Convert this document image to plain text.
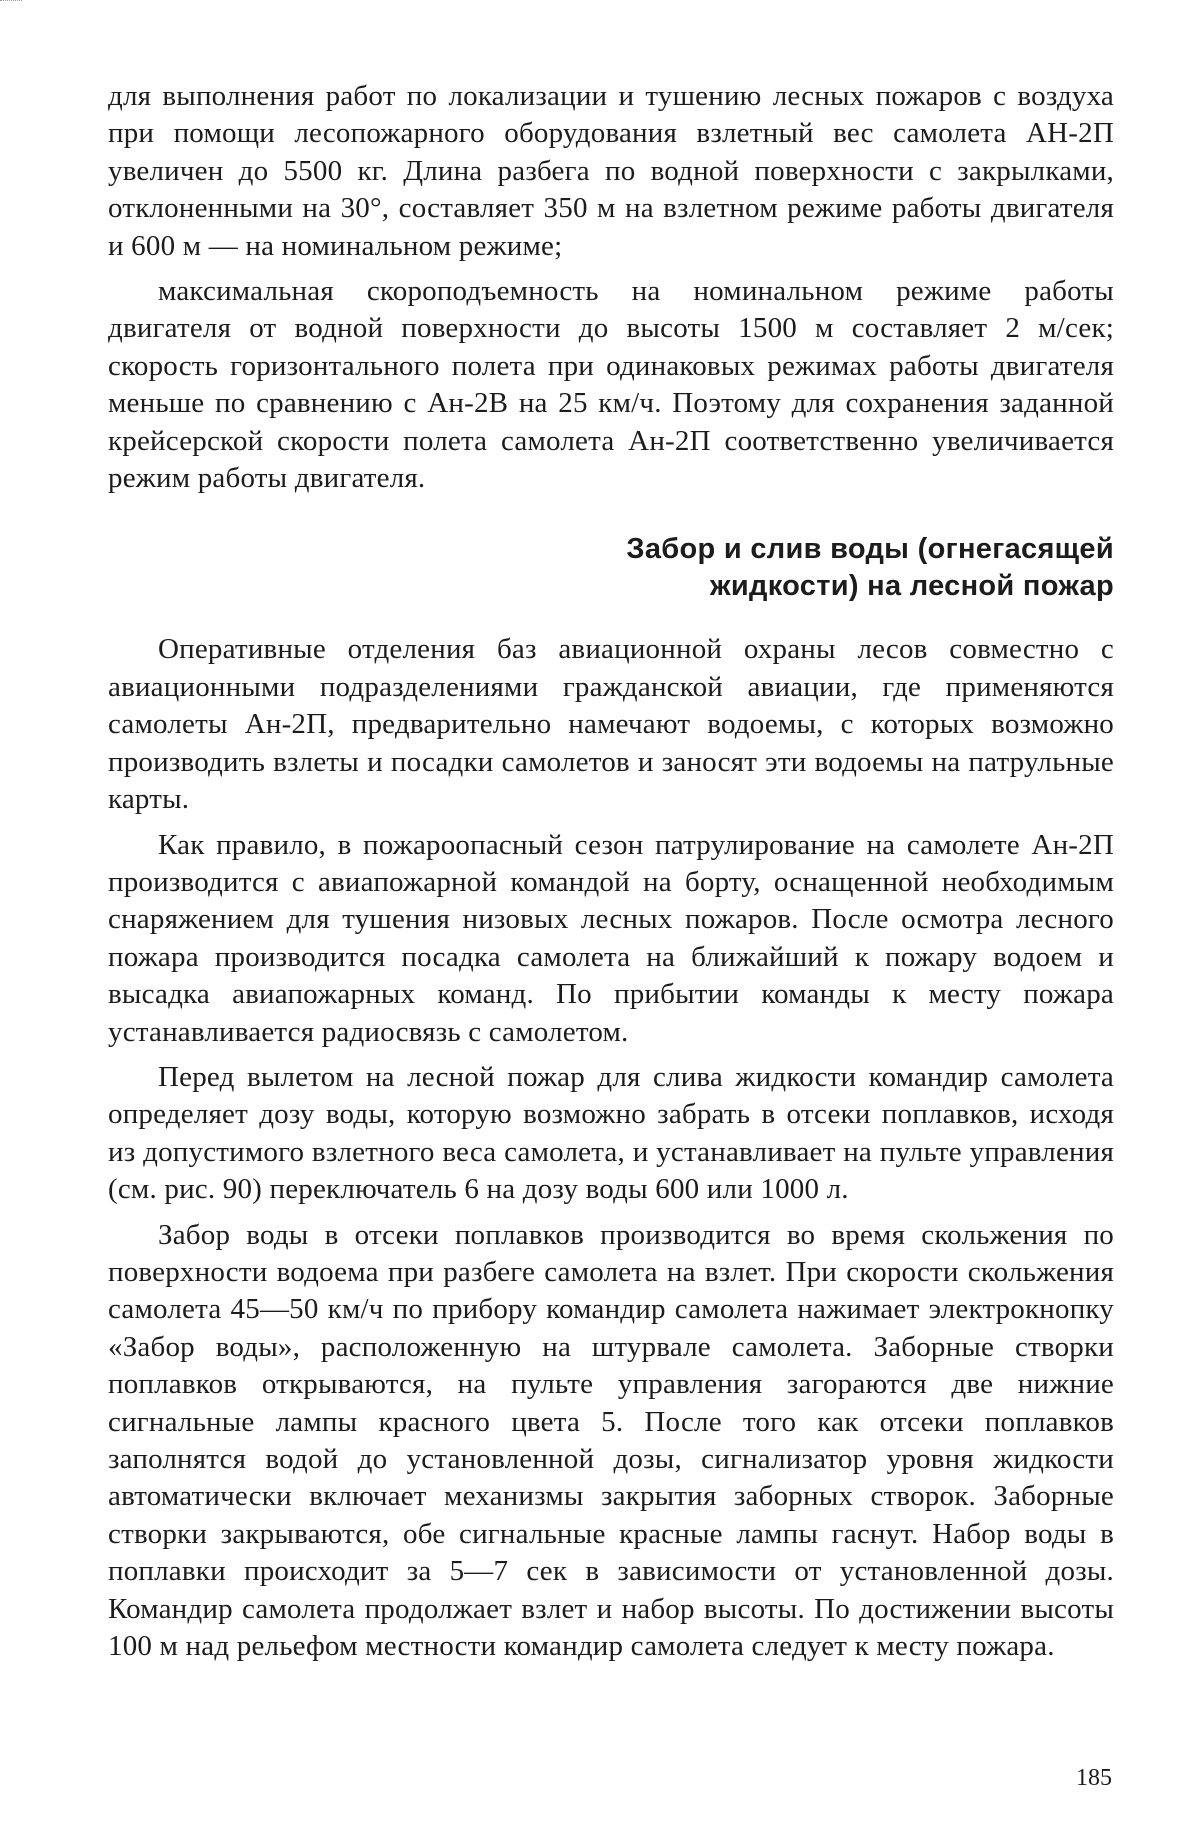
для выполнения работ по локализации и тушению лесных пожаров с воздуха при помощи лесопожарного оборудования взлетный вес самолета АН-2П увеличен до 5500 кг. Длина разбега по водной поверхности с закрылками, отклоненными на 30°, составляет 350 м на взлетном режиме работы двигателя и 600 м — на номинальном режиме;

максимальная скороподъемность на номинальном режиме работы двигателя от водной поверхности до высоты 1500 м составляет 2 м/сек; скорость горизонтального полета при одинаковых режимах работы двигателя меньше по сравнению с Ан-2В на 25 км/ч. Поэтому для сохранения заданной крейсерской скорости полета самолета Ан-2П соответственно увеличивается режим работы двигателя.

Забор и слив воды (огнегасящей
жидкости) на лесной пожар

Оперативные отделения баз авиационной охраны лесов совместно с авиационными подразделениями гражданской авиации, где применяются самолеты Ан-2П, предварительно намечают водоемы, с которых возможно производить взлеты и посадки самолетов и заносят эти водоемы на патрульные карты.

Как правило, в пожароопасный сезон патрулирование на самолете Ан-2П производится с авиапожарной командой на борту, оснащенной необходимым снаряжением для тушения низовых лесных пожаров. После осмотра лесного пожара производится посадка самолета на ближайший к пожару водоем и высадка авиапожарных команд. По прибытии команды к месту пожара устанавливается радиосвязь с самолетом.

Перед вылетом на лесной пожар для слива жидкости командир самолета определяет дозу воды, которую возможно забрать в отсеки поплавков, исходя из допустимого взлетного веса самолета, и устанавливает на пульте управления (см. рис. 90) переключатель 6 на дозу воды 600 или 1000 л.

Забор воды в отсеки поплавков производится во время скольжения по поверхности водоема при разбеге самолета на взлет. При скорости скольжения самолета 45—50 км/ч по прибору командир самолета нажимает электрокнопку «Забор воды», расположенную на штурвале самолета. Заборные створки поплавков открываются, на пульте управления загораются две нижние сигнальные лампы красного цвета 5. После того как отсеки поплавков заполнятся водой до установленной дозы, сигнализатор уровня жидкости автоматически включает механизмы закрытия заборных створок. Заборные створки закрываются, обе сигнальные красные лампы гаснут. Набор воды в поплавки происходит за 5—7 сек в зависимости от установленной дозы. Командир самолета продолжает взлет и набор высоты. По достижении высоты 100 м над рельефом местности командир самолета следует к месту пожара.

185
